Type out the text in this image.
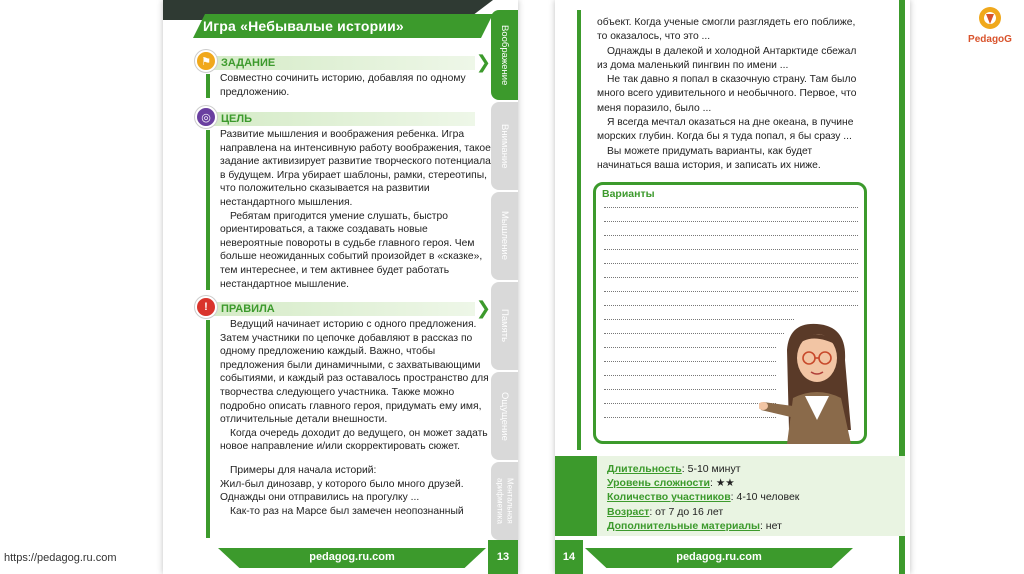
Игра «Небывалые истории»
⚑ ЗАДАНИЕ	❯

Совместно сочинить историю, добавляя по одному предложению.

◎ ЦЕЛЬ

Развитие мышления и воображения ребенка. Игра направлена на интенсивную работу воображения, такое задание активизирует развитие творческого потенциала в будущем. Игра убирает шаблоны, рамки, стереотипы, что положительно сказывается на развитии нестандартного мышления.

Ребятам пригодится умение слушать, быстро ориентироваться, а также создавать новые невероятные повороты в судьбе главного героя. Чем больше неожиданных событий произойдет в «сказке», тем интереснее, и тем активнее будет работать нестандартное мышление.

!	ПРАВИЛА	❯

Ведущий начинает историю с одного предложения. Затем участники по цепочке добавляют в рассказ по одному предложению каждый. Важно, чтобы предложения были динамичными, с захватывающими событиями, и каждый раз оставалось пространство для творчества следующего участника. Также можно подробно описать главного героя, придумать ему имя, отличительные детали внешности.

Когда очередь доходит до ведущего, он может задать новое направление и/или скорректировать сюжет.

Примеры для начала историй:

Жил-был динозавр, у которого было много друзей. Однажды они отправились на прогулку ...

Как-то раз на Марсе был замечен неопознанный

Воображение
Внимание
Мышление
Память
Ощущение
Ментальная арифметика
pedagog.ru.com	13

объект. Когда ученые смогли разглядеть его поближе, то оказалось, что это ...

Однажды в далекой и холодной Антарктиде сбежал из дома маленький пингвин по имени ...

Не так давно я попал в сказочную страну. Там было много всего удивительного и необычного. Первое, что меня поразило, было ...

Я всегда мечтал оказаться на дне океана, в пучине морских глубин. Когда бы я туда попал, я бы сразу ...

Вы можете придумать варианты, как будет начинаться ваша история, и записать их ниже.

Варианты
Длительность: 5-10 минут
Уровень сложности: ★★
Количество участников: 4-10 человек
Возраст: от 7 до 16 лет
Дополнительные материалы: нет
pedagog.ru.com
14
PedagoG
https://pedagog.ru.com
